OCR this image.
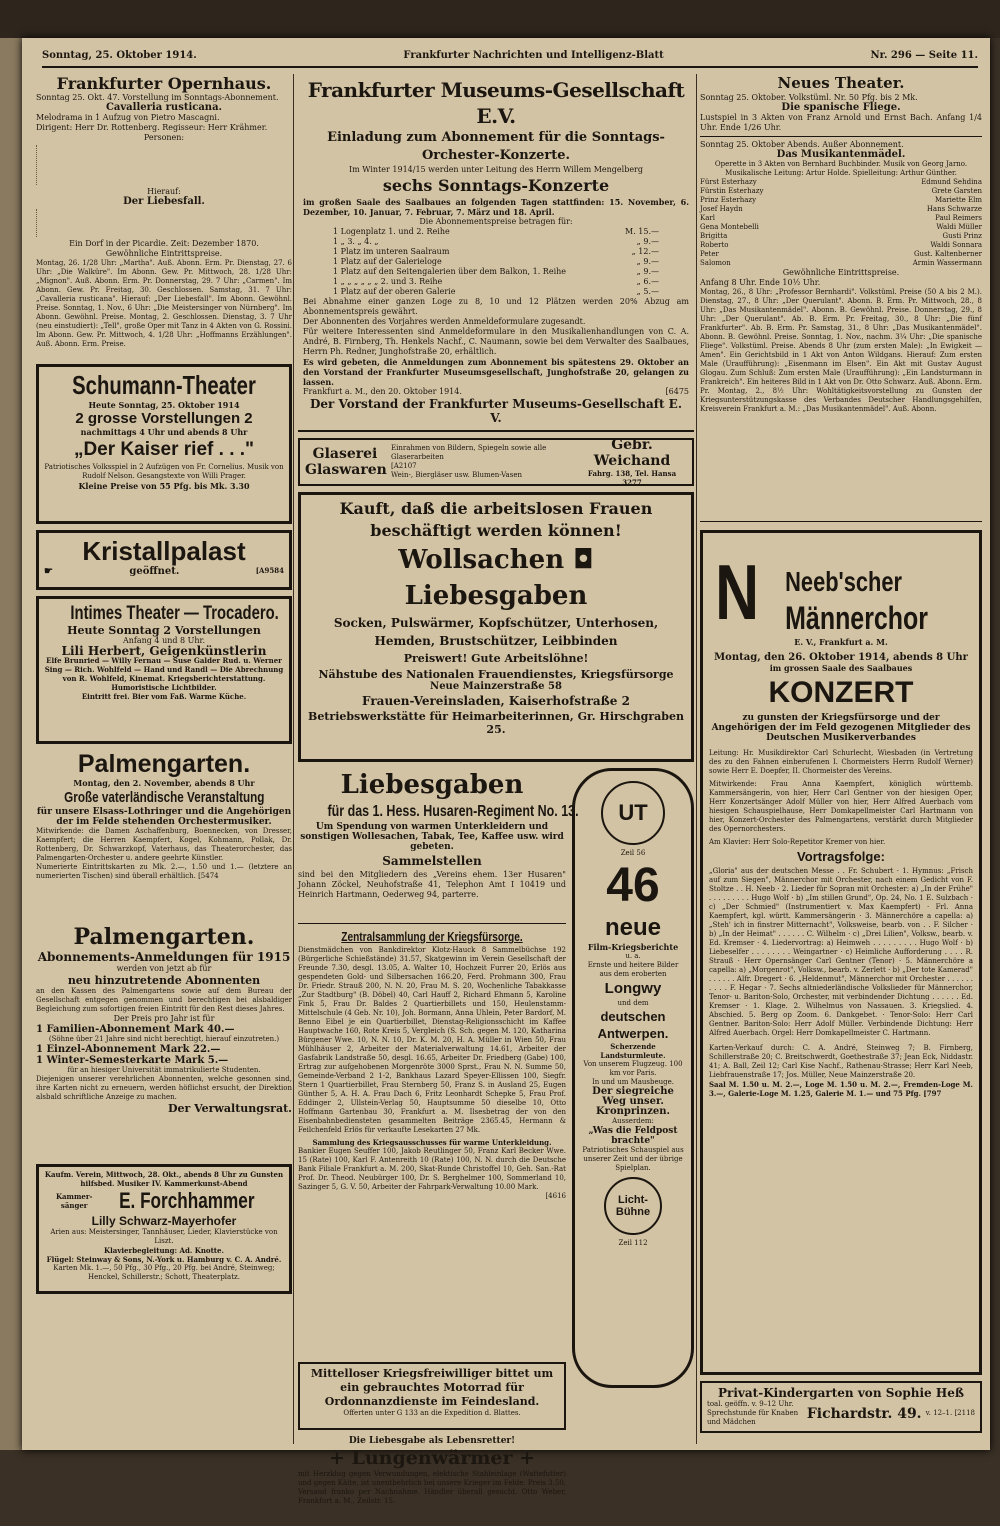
Sonntag, 25. Oktober 1914.	Frankfurter Nachrichten und Intelligenz-Blatt	Nr. 296 — Seite 11.
Frankfurter Opernhaus.
Sonntag 25. Okt. 47. Vorstellung im Sonntags-Abonnement.
Cavalleria rusticana.
Melodrama in 1 Aufzug von Pietro Mascagni.
Dirigent: Herr Dr. Rottenberg. Regisseur: Herr Krähmer.
Personen:
Hierauf:
Der Liebesfall.
Ein Dorf in der Picardie. Zeit: Dezember 1870.
Gewöhnliche Eintrittspreise.
Montag, 26. 1/28 Uhr: „Martha". Auß. Abonn. Erm. Pr. Dienstag, 27. 6 Uhr: „Die Walküre". Im Abonn. Gew. Pr. Mittwoch, 28. 1/28 Uhr: „Mignon". Auß. Abonn. Erm. Pr. Donnerstag, 29. 7 Uhr: „Carmen". Im Abonn. Gew. Pr. Freitag, 30. Geschlossen. Samstag, 31. 7 Uhr: „Cavalleria rusticana". Hierauf: „Der Liebesfall". Im Abonn. Gewöhnl. Preise. Sonntag, 1. Nov., 6 Uhr: „Die Meistersinger von Nürnberg". Im Abonn. Gewöhnl. Preise. Montag, 2. Geschlossen. Dienstag, 3. 7 Uhr (neu einstudiert): „Tell", große Oper mit Tanz in 4 Akten von G. Rossini. Im Abonn. Gew. Pr. Mittwoch, 4. 1/28 Uhr: „Hoffmanns Erzählungen". Auß. Abonn. Erm. Preise.
Schumann-Theater
Heute Sonntag, 25. Oktober 1914
2 grosse Vorstellungen 2
nachmittags 4 Uhr und abends 8 Uhr
„Der Kaiser rief . . ."
Patriotisches Volksspiel in 2 Aufzügen von Fr. Cornelius. Musik von Rudolf Nelson. Gesangstexte von Willi Prager.
Kleine Preise von 55 Pfg. bis Mk. 3.30
Kristallpalast
☛	geöffnet.	[A9584
Intimes Theater — Trocadero.
Heute Sonntag 2 Vorstellungen
Anfang 4 und 8 Uhr.
Lili Herbert, Geigenkünstlerin
Elfe Brunried — Willy Fernau — Suse Galder Rud. u. Werner Sing — Rich. Wohlfeld — Hand und Randl — Die Abrechnung von R. Wohlfeld, Kinemat. Kriegsberichterstattung. Humoristische Lichtbilder.
Eintritt frei. Bier vom Faß. Warme Küche.
Palmengarten.
Montag, den 2. November, abends 8 Uhr
Große vaterländische Veranstaltung
für unsere Elsass-Lothringer und die Angehörigen der im Felde stehenden Orchestermusiker.
Mitwirkende: die Damen Aschaffenburg, Boennecken, von Dresser, Kaempfert; die Herren Kaempfert, Kogel, Kohmann, Pollak, Dr. Rottenberg, Dr. Schwarzkopf, Vaterhaus, das Theaterorchester, das Palmengarten-Orchester u. andere geehrte Künstler.
Numerierte Eintrittskarten zu Mk. 2.—, 1.50 und 1.— (letztere an numerierten Tischen) sind überall erhältlich. [5474
Palmengarten.
Abonnements-Anmeldungen für 1915
werden von jetzt ab für
neu hinzutretende Abonnenten
an den Kassen des Palmengartens sowie auf dem Bureau der Gesellschaft entgegen genommen und berechtigen bei alsbaldiger Begleichung zum sofortigen freien Eintritt für den Rest dieses Jahres.
Der Preis pro Jahr ist für
1 Familien-Abonnement Mark 40.—
(Söhne über 21 Jahre sind nicht berechtigt, hierauf einzutreten.)
1 Einzel-Abonnement Mark 22.—
1 Winter-Semesterkarte Mark 5.—
für an hiesiger Universität immatrikulierte Studenten.
Diejenigen unserer verehrlichen Abonnenten, welche gesonnen sind, ihre Karten nicht zu erneuern, werden höflichst ersucht, der Direktion alsbald schriftliche Anzeige zu machen.
Der Verwaltungsrat.
Kaufm. Verein, Mittwoch, 28. Okt., abends 8 Uhr zu Gunsten hilfsbed. Musiker IV. Kammerkunst-Abend
Kammer- sänger	E. Forchhammer
Lilly Schwarz-Mayerhofer
Arien aus: Meistersinger, Tannhäuser, Lieder, Klavierstücke von Liszt.
Klavierbegleitung: Ad. Knotte.
Flügel: Steinway & Sons, N.-York u. Hamburg v. C. A. André.
Karten Mk. 1.—, 50 Pfg., 30 Pfg., 20 Pfg. bei André, Steinweg; Henckel, Schillerstr.; Schott, Theaterplatz.
Frankfurter Museums-Gesellschaft E.V.
Einladung zum Abonnement für die Sonntags-Orchester-Konzerte.
Im Winter 1914/15 werden unter Leitung des Herrn Willem Mengelberg
sechs Sonntags-Konzerte
im großen Saale des Saalbaues an folgenden Tagen stattfinden: 15. November, 6. Dezember, 10. Januar, 7. Februar, 7. März und 18. April.
Die Abonnementspreise betragen für:
1 Logenplatz 1. und 2. Reihe	M. 15.—
1 „ 3. „ 4. „	„ 9.—
1 Platz im unteren Saalraum	„ 12.—
1 Platz auf der Galerieloge	„ 9.—
1 Platz auf den Seitengalerien über dem Balkon, 1. Reihe	„ 9.—
1 „ „ „ „ „ „ 2. und 3. Reihe	„ 6.—
1 Platz auf der oberen Galerie	„ 5.—
Bei Abnahme einer ganzen Loge zu 8, 10 und 12 Plätzen werden 20% Abzug am Abonnementspreis gewährt.
Der Abonnenten des Vorjahres werden Anmeldeformulare zugesandt.
Für weitere Interessenten sind Anmeldeformulare in den Musikalienhandlungen von C. A. André, B. Firnberg, Th. Henkels Nachf., C. Naumann, sowie bei dem Verwalter des Saalbaues, Herrn Ph. Redner, Junghofstraße 20, erhältlich.
Es wird gebeten, die Anmeldungen zum Abonnement bis spätestens 29. Oktober an den Vorstand der Frankfurter Museumsgesellschaft, Junghofstraße 20, gelangen zu lassen.
Frankfurt a. M., den 20. Oktober 1914.	[6475
Der Vorstand der Frankfurter Museums-Gesellschaft E. V.
Glaserei
Glaswaren
Einrahmen von Bildern, Spiegeln sowie alle Glaserarbeiten
[A2107
Wein-, Biergläser usw. Blumen-Vasen
Gebr. Weichand
Fahrg. 138, Tel. Hansa 3277
Kauft, daß die arbeitslosen Frauen beschäftigt werden können!
Wollsachen ◘ Liebesgaben
Socken, Pulswärmer, Kopfschützer, Unterhosen, Hemden, Brustschützer, Leibbinden
Preiswert! Gute Arbeitslöhne!
Nähstube des Nationalen Frauendienstes, Kriegsfürsorge
Neue Mainzerstraße 58
Frauen-Vereinsladen, Kaiserhofstraße 2
Betriebswerkstätte für Heimarbeiterinnen, Gr. Hirschgraben 25.
Liebesgaben
für das 1. Hess. Husaren-Regiment No. 13.
Um Spendung von warmen Unterkleidern und sonstigen Wollesachen, Tabak, Tee, Kaffee usw. wird gebeten.
Sammelstellen
sind bei den Mitgliedern des „Vereins ehem. 13er Husaren" Johann Zöckel, Neuhofstraße 41, Telephon Amt I 10419 und Heinrich Hartmann, Oederweg 94, parterre.
Zentralsammlung der Kriegsfürsorge.
Dienstmädchen von Bankdirektor Klotz-Hauck 8 Sammelbüchse 192 (Bürgerliche Schießstände) 31.57, Skatgewinn im Verein Gesellschaft der Freunde 7.30, desgl. 13.05, A. Walter 10, Hochzeit Furrer 20, Erlös aus gespendeten Gold- und Silbersachen 166.20, Ferd. Prohmann 300, Frau Dr. Friedr. Strauß 200, N. N. 20, Frau M. S. 20, Wochenliche Tabakkasse „Zur Stadtburg" (B. Döbel) 40, Carl Hauff 2, Richard Ehmann 5, Karoline Fink 5, Frau Dr. Baldes 2 Quartierbillets und 150, Heulenstamm-Mittelschule (4 Geb. Nr. 10), Joh. Bormann, Anna Uhlein, Peter Bardorf, M. Benno Eibel je ein Quartierbillet, Dienstag-Religionsschicht im Kaffee Hauptwache 160, Rote Kreis 5, Vergleich (S. Sch. gegen M. 120, Katharina Bürgener Wwe. 10, N. N. 10, Dr. K. M. 20, H. A. Müller in Wien 50, Frau Mühlhäuser 2, Arbeiter der Materialverwaltung 14.61, Arbeiter der Gasfabrik Landstraße 50, desgl. 16.65, Arbeiter Dr. Friedberg (Gabe) 100, Ertrag zur aufgehobenen Morgenröte 3000 Sprst., Frau N. N. Summe 50, Gemeinde-Verband 2 1-2, Bankhaus Lazard Speyer-Ellissen 100, Siegfr. Stern 1 Quartierbillet, Frau Sternberg 50, Franz S. in Ausland 25, Eugen Günther 5, A. H. A. Frau Dach 6, Fritz Leonhardt Schepke 5, Frau Prof. Eddinger 2, Ullstein-Verlag 50, Hauptsumme 50 dieselbe 10, Otto Hoffmann Gartenbau 30, Frankfurt a. M. Ilsesbetrag der von den Eisenbahnbediensteten gesammelten Beiträge 2365.45, Hermann & Feilchenfeld Erlös für verkaufte Lesekarten 27 Mk.
Sammlung des Kriegsausschusses für warme Unterkleidung.
Bankier Eugen Seuffer 100, Jakob Reutlinger 50, Franz Karl Becker Wwe. 15 (Rate) 100, Karl F. Antenreith 10 (Rate) 100, N. N. durch die Deutsche Bank Filiale Frankfurt a. M. 200, Skat-Runde Christoffel 10, Geh. San.-Rat Prof. Dr. Theod. Neubürger 100, Dr. S. Berghelmer 100, Sommerland 10, Sazinger 5, G. V. 50, Arbeiter der Fahrpark-Verwaltung 10.00 Mark.
[4616
Mittelloser Kriegsfreiwilliger bittet um ein gebrauchtes Motorrad für Ordonnanzdienste im Feindesland.
Offerten unter G 133 an die Expedition d. Blattes.
Die Liebesgabe als Lebensretter!
+ Lungenwärmer +
mit Herzklug gegen Verwundungen, elektische Stahleinlage (Wattefutter) und gegen Kälte, ist unentbehrlich bei unsere Krieger im Felde. Preis 3.50, Versand franko per Nachnahme. Händler überall gesucht. Otto Weber, Frankfurt a. M., Zeilstr. 15.
UT
Zeil 56
46
neue
Film-Kriegsberichte
u. a.
Ernste und heitere Bilder aus dem eroberten
Longwy
und dem
deutschen Antwerpen.
Scherzende Landsturmleute.
Von unserem Flugzeug. 100 km vor Paris.
In und um Mausbeuge.
Der siegreiche Weg unser. Kronprinzen.
Ausserdem:
„Was die Feldpost brachte"
Patriotisches Schauspiel aus unserer Zeit und der übrige Spielplan.
Licht-Bühne
Zeil 112
Neues Theater.
Sonntag 25. Oktober. Volkstüml. Nr. 50 Pfg. bis 2 Mk.
Die spanische Fliege.
Lustspiel in 3 Akten von Franz Arnold und Ernst Bach. Anfang 1/4 Uhr. Ende 1/26 Uhr.
Sonntag 25. Oktober Abends. Außer Abonnement.
Das Musikantenmädel.
Operette in 3 Akten von Bernhard Buchbinder. Musik von Georg Jarno. Musikalische Leitung: Artur Holde. Spielleitung: Arthur Günther.
Fürst Esterhazy	Edmund Sehdina
Fürstin Esterhazy	Grete Garsten
Prinz Esterhazy	Mariette Elm
Josef Haydn	Hans Schwarze
Karl	Paul Reimers
Gena Montebelli	Waldi Müller
Brigitta	Gusti Prinz
Roberto	Waldi Sonnara
Peter	Gust. Kaltenberner
Salomon	Armin Wassermann
Gewöhnliche Eintrittspreise.
Anfang 8 Uhr. Ende 10½ Uhr.
Montag, 26., 8 Uhr: „Professor Bernhardi". Volkstüml. Preise (50 A bis 2 M.). Dienstag, 27., 8 Uhr: „Der Querulant". Abonn. B. Erm. Pr. Mittwoch, 28., 8 Uhr: „Das Musikantenmädel". Abonn. B. Gewöhnl. Preise. Donnerstag, 29., 8 Uhr: „Der Querulant". Ab. B. Erm. Pr. Freitag, 30., 8 Uhr: „Die fünf Frankfurter". Ab. B. Erm. Pr. Samstag, 31., 8 Uhr: „Das Musikantenmädel". Abonn. B. Gewöhnl. Preise. Sonntag, 1. Nov., nachm. 3¼ Uhr: „Die spanische Fliege". Volkstüml. Preise. Abends 8 Uhr (zum ersten Male): „In Ewigkeit — Amen". Ein Gerichtsbild in 1 Akt von Anton Wildgans. Hierauf: Zum ersten Male (Uraufführung): „Eisenmann im Elsen". Ein Akt mit Gustav August Glogau. Zum Schluß: Zum ersten Male (Uraufführung): „Ein Landsturmann in Frankreich". Ein heiteres Bild in 1 Akt von Dr. Otto Schwarz. Auß. Abonn. Erm. Pr. Montag, 2., 8½ Uhr: Wohltätigkeitsvorstellung zu Gunsten der Kriegsunterstützungskasse des Verbandes Deutscher Handlungsgehilfen, Kreisverein Frankfurt a. M.: „Das Musikantenmädel". Auß. Abonn.
N Neeb'scher
Männerchor
E. V., Frankfurt a. M.
Montag, den 26. Oktober 1914, abends 8 Uhr
im grossen Saale des Saalbaues
KONZERT
zu gunsten der Kriegsfürsorge und der Angehörigen der im Feld gezogenen Mitglieder des Deutschen Musikerverbandes
Leitung: Hr. Musikdirektor Carl Schurlecht, Wiesbaden (in Vertretung des zu den Fahnen einberufenen I. Chormeisters Herrn Rudolf Werner) sowie Herr E. Doepfer, II. Chormeister des Vereins.
Mitwirkende: Frau Anna Kaempfert, königlich württemb. Kammersängerin, von hier, Herr Carl Gentner von der hiesigen Oper, Herr Konzertsänger Adolf Müller von hier, Herr Alfred Auerbach vom hiesigen Schauspielhause, Herr Domkapellmeister Carl Hartmann von hier, Konzert-Orchester des Palmengartens, verstärkt durch Mitglieder des Opernorchesters.
Am Klavier: Herr Solo-Repetitor Kremer von hier.
Vortragsfolge:
„Gloria" aus der deutschen Messe . . Fr. Schubert · 1. Hymnus: „Frisch auf zum Siegen", Männerchor mit Orchester, nach einem Gedicht von F. Stoltze . . H. Neeb · 2. Lieder für Sopran mit Orchester: a) „In der Frühe" . . . . . . . . . Hugo Wolf · b) „Im stillen Grund", Op. 24, No. 1 E. Sulzbach · c) „Der Schmied" (Instrumentiert v. Max Kaempfert) · Frl. Anna Kaempfert, kgl. württ. Kammersängerin · 3. Männerchöre a capella: a) „Steh' ich in finstrer Mitternacht", Volksweise, bearb. von . . F. Silcher · b) „In der Heimat" . . . . . . C. Wilhelm · c) „Drei Lilien", Volksw., bearb. v. Ed. Kremser · 4. Liedervortrag: a) Heimweh . . . . . . . . . Hugo Wolf · b) Liebeselfer . . . . . . . . Weingartner · c) Heimliche Aufforderung . . . . R. Strauß · Herr Opernsänger Carl Gentner (Tenor) · 5. Männerchöre a capella: a) „Morgenrot", Volksw., bearb. v. Zerlett · b) „Der tote Kamerad" . . . . . . Alfr. Dregert · 6. „Heldenmut", Männerchor mit Orchester . . . . . . . . . . F. Hegar · 7. Sechs altniederländische Volkslieder für Männerchor, Tenor- u. Bariton-Solo, Orchester, mit verbindender Dichtung . . . . . . Ed. Kremser · 1. Klage. 2. Wilhelmus von Nassauen. 3. Kriegslied. 4. Abschied. 5. Berg op Zoom. 6. Dankgebet. · Tenor-Solo: Herr Carl Gentner. Bariton-Solo: Herr Adolf Müller. Verbindende Dichtung: Herr Alfred Auerbach. Orgel: Herr Domkapellmeister C. Hartmann.
Karten-Verkauf durch: C. A. André, Steinweg 7; B. Firnberg, Schillerstraße 20; C. Breitschwerdt, Goethestraße 37; Jean Eck, Niddastr. 41; A. Ball, Zeil 12; Carl Kise Nachf., Rathenau-Strasse; Herr Karl Neeb, Liebfrauenstraße 17; Jos. Müller, Neue Mainzerstraße 20.
Saal M. 1.50 u. M. 2.—, Loge M. 1.50 u. M. 2.—, Fremden-Loge M. 3.—, Galerie-Loge M. 1.25, Galerie M. 1.— und 75 Pfg. [797
Privat-Kindergarten von Sophie Heß
toal. geöffn. v. 9–12 Uhr. Sprechstunde für Knaben und Mädchen
Fichardstr. 49. v. 12–1. [2118
